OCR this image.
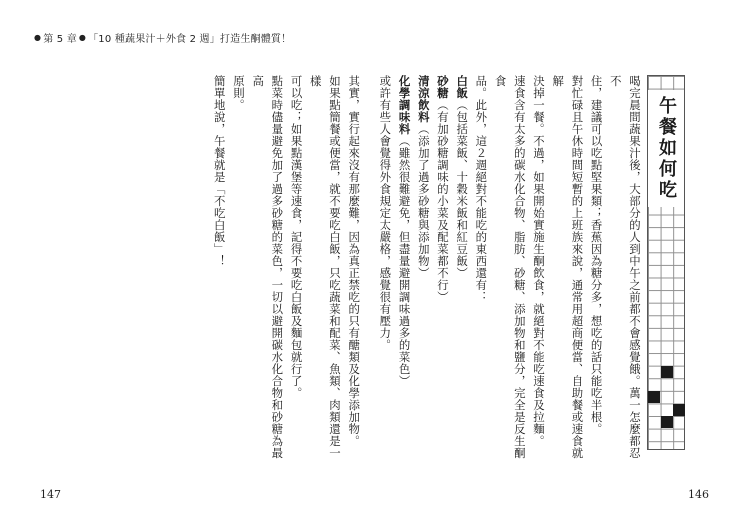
● 第 5 章 ● 「10 種蔬果汁＋外食 2 週」打造生酮體質！
午餐如何吃

喝完晨間蔬果汁後，大部分的人到中午之前都不會感覺餓。萬一怎麼都忍不

住，建議可以吃點堅果類；香蕉因為糖分多，想吃的話只能吃半根。

對忙碌且午休時間短暫的上班族來說，通常用超商便當、自助餐或速食就解

決掉一餐。不過，如果開始實施生酮飲食，就絕對不能吃速食及拉麵。

速食含有太多的碳水化合物、脂肪、砂糖、添加物和鹽分，完全是反生酮食

品。此外，這２週絕對不能吃的東西還有：

白飯（包括菜飯、十穀米飯和紅豆飯）

砂糖（有加砂糖調味的小菜及配菜都不行）

清涼飲料（添加了過多砂糖與添加物）

化學調味料（雖然很難避免，但盡量避開調味過多的菜色）

或許有些人會覺得外食規定太嚴格，感覺很有壓力。

其實，實行起來沒有那麼難，因為真正禁吃的只有醣類及化學添加物。

如果點簡餐或便當，就不要吃白飯，只吃蔬菜和配菜、魚類、肉類還是一樣

可以吃；如果點漢堡等速食，記得不要吃白飯及麵包就行了。

點菜時儘量避免加了過多砂糖的菜色，一切以避開碳水化合物和砂糖為最高

原則。

簡單地說，午餐就是「不吃白飯」！

147	146
